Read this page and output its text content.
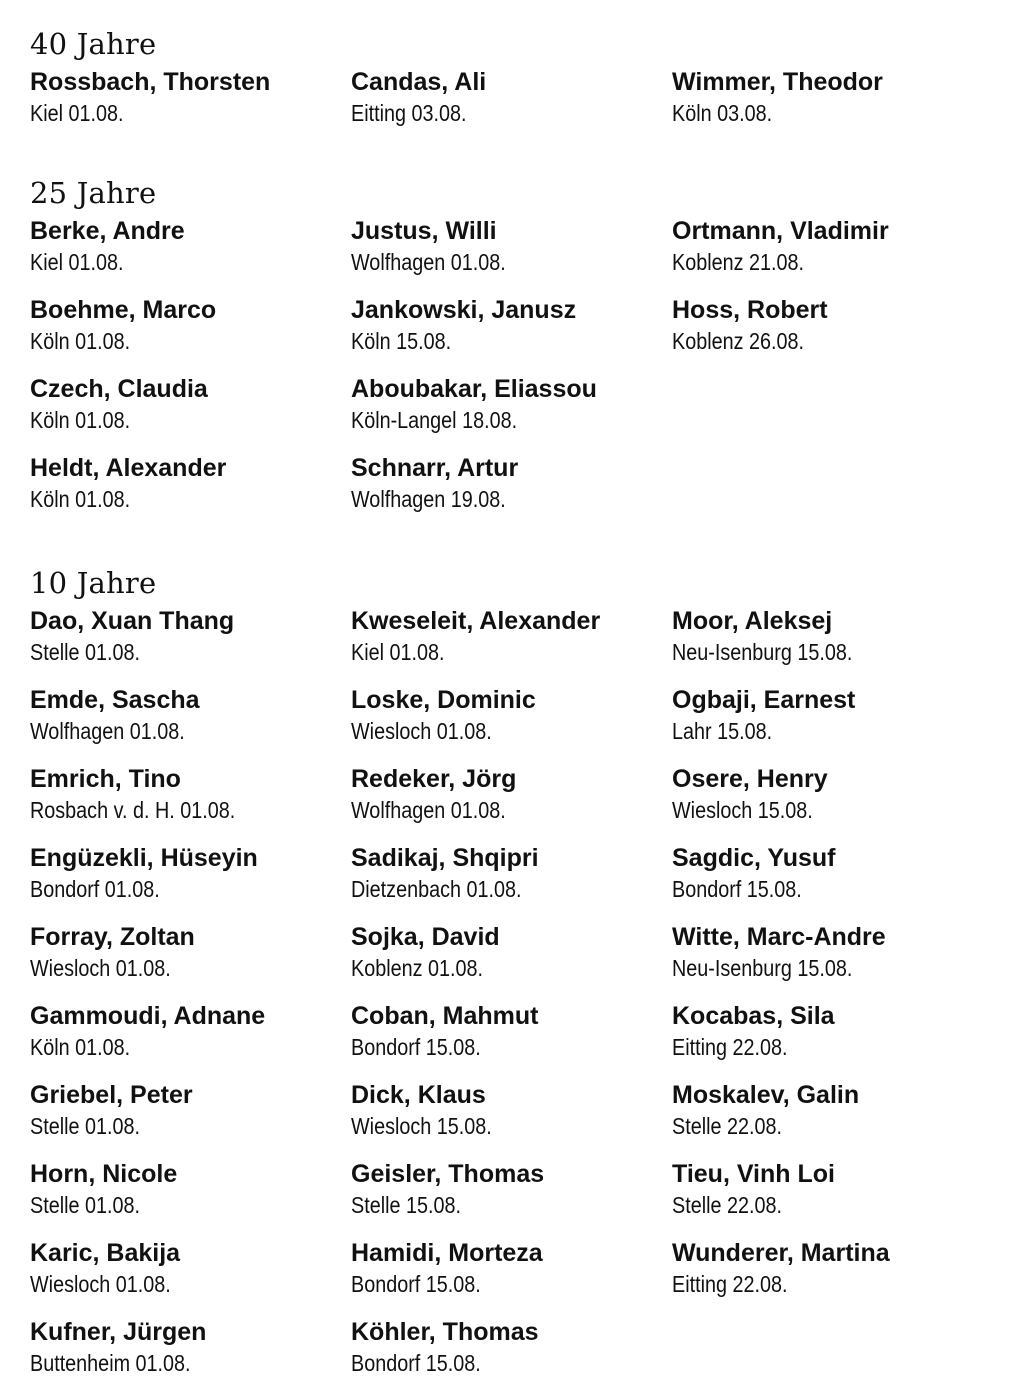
40 Jahre
Rossbach, Thorsten
Kiel 01.08.
Candas, Ali
Eitting 03.08.
Wimmer, Theodor
Köln 03.08.
25 Jahre
Berke, Andre
Kiel 01.08.
Boehme, Marco
Köln 01.08.
Czech, Claudia
Köln 01.08.
Heldt, Alexander
Köln 01.08.
Justus, Willi
Wolfhagen 01.08.
Jankowski, Janusz
Köln 15.08.
Aboubakar, Eliassou
Köln-Langel 18.08.
Schnarr, Artur
Wolfhagen 19.08.
Ortmann, Vladimir
Koblenz 21.08.
Hoss, Robert
Koblenz 26.08.
10 Jahre
Dao, Xuan Thang
Stelle 01.08.
Emde, Sascha
Wolfhagen 01.08.
Emrich, Tino
Rosbach v. d. H. 01.08.
Engüzekli, Hüseyin
Bondorf 01.08.
Forray, Zoltan
Wiesloch 01.08.
Gammoudi, Adnane
Köln 01.08.
Griebel, Peter
Stelle 01.08.
Horn, Nicole
Stelle 01.08.
Karic, Bakija
Wiesloch 01.08.
Kufner, Jürgen
Buttenheim 01.08.
Kweseleit, Alexander
Kiel 01.08.
Loske, Dominic
Wiesloch 01.08.
Redeker, Jörg
Wolfhagen 01.08.
Sadikaj, Shqipri
Dietzenbach 01.08.
Sojka, David
Koblenz 01.08.
Coban, Mahmut
Bondorf 15.08.
Dick, Klaus
Wiesloch 15.08.
Geisler, Thomas
Stelle 15.08.
Hamidi, Morteza
Bondorf 15.08.
Köhler, Thomas
Bondorf 15.08.
Moor, Aleksej
Neu-Isenburg 15.08.
Ogbaji, Earnest
Lahr 15.08.
Osere, Henry
Wiesloch 15.08.
Sagdic, Yusuf
Bondorf 15.08.
Witte, Marc-Andre
Neu-Isenburg 15.08.
Kocabas, Sila
Eitting 22.08.
Moskalev, Galin
Stelle 22.08.
Tieu, Vinh Loi
Stelle 22.08.
Wunderer, Martina
Eitting 22.08.
